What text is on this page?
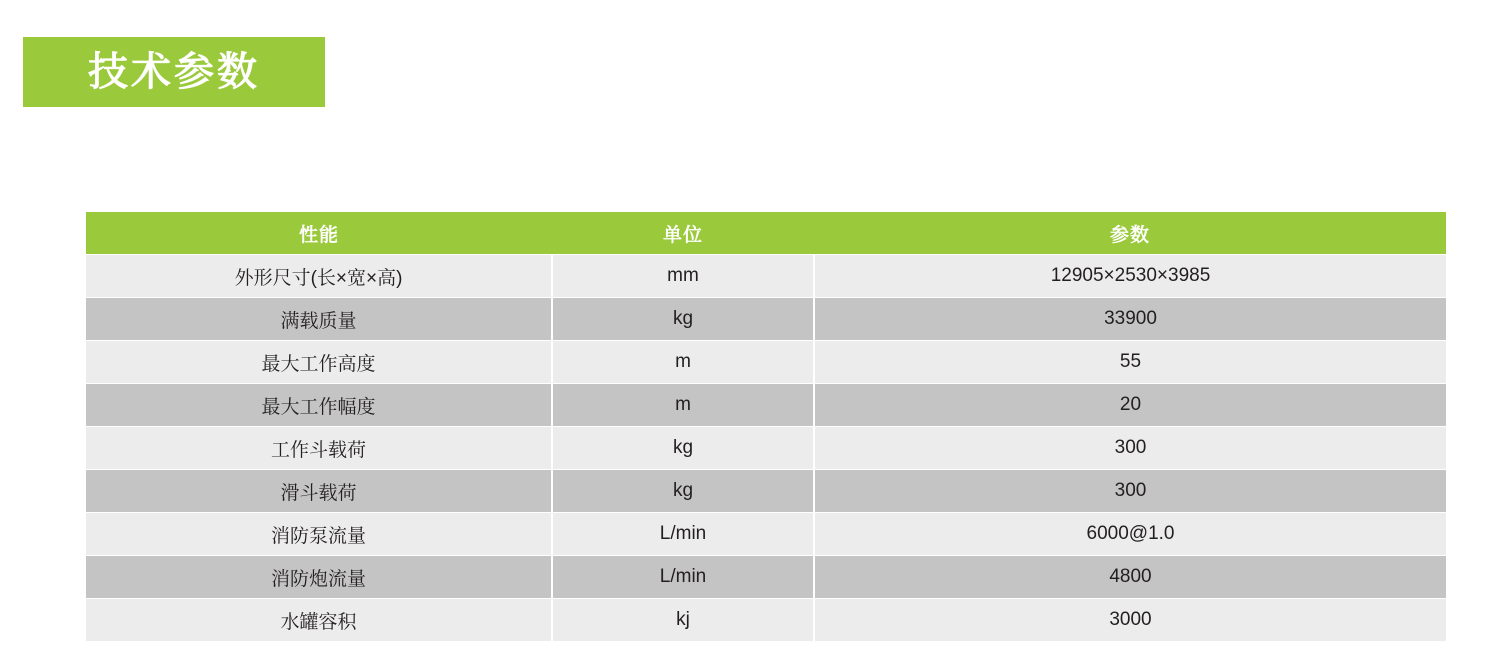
技术参数
性能	单位	参数
外形尺寸(长×宽×高)	mm	12905×2530×3985
满载质量	kg	33900
最大工作高度	m	55
最大工作幅度	m	20
工作斗载荷	kg	300
滑斗载荷	kg	300
消防泵流量	L/min	6000@1.0
消防炮流量	L/min	4800
水罐容积	kj	3000
